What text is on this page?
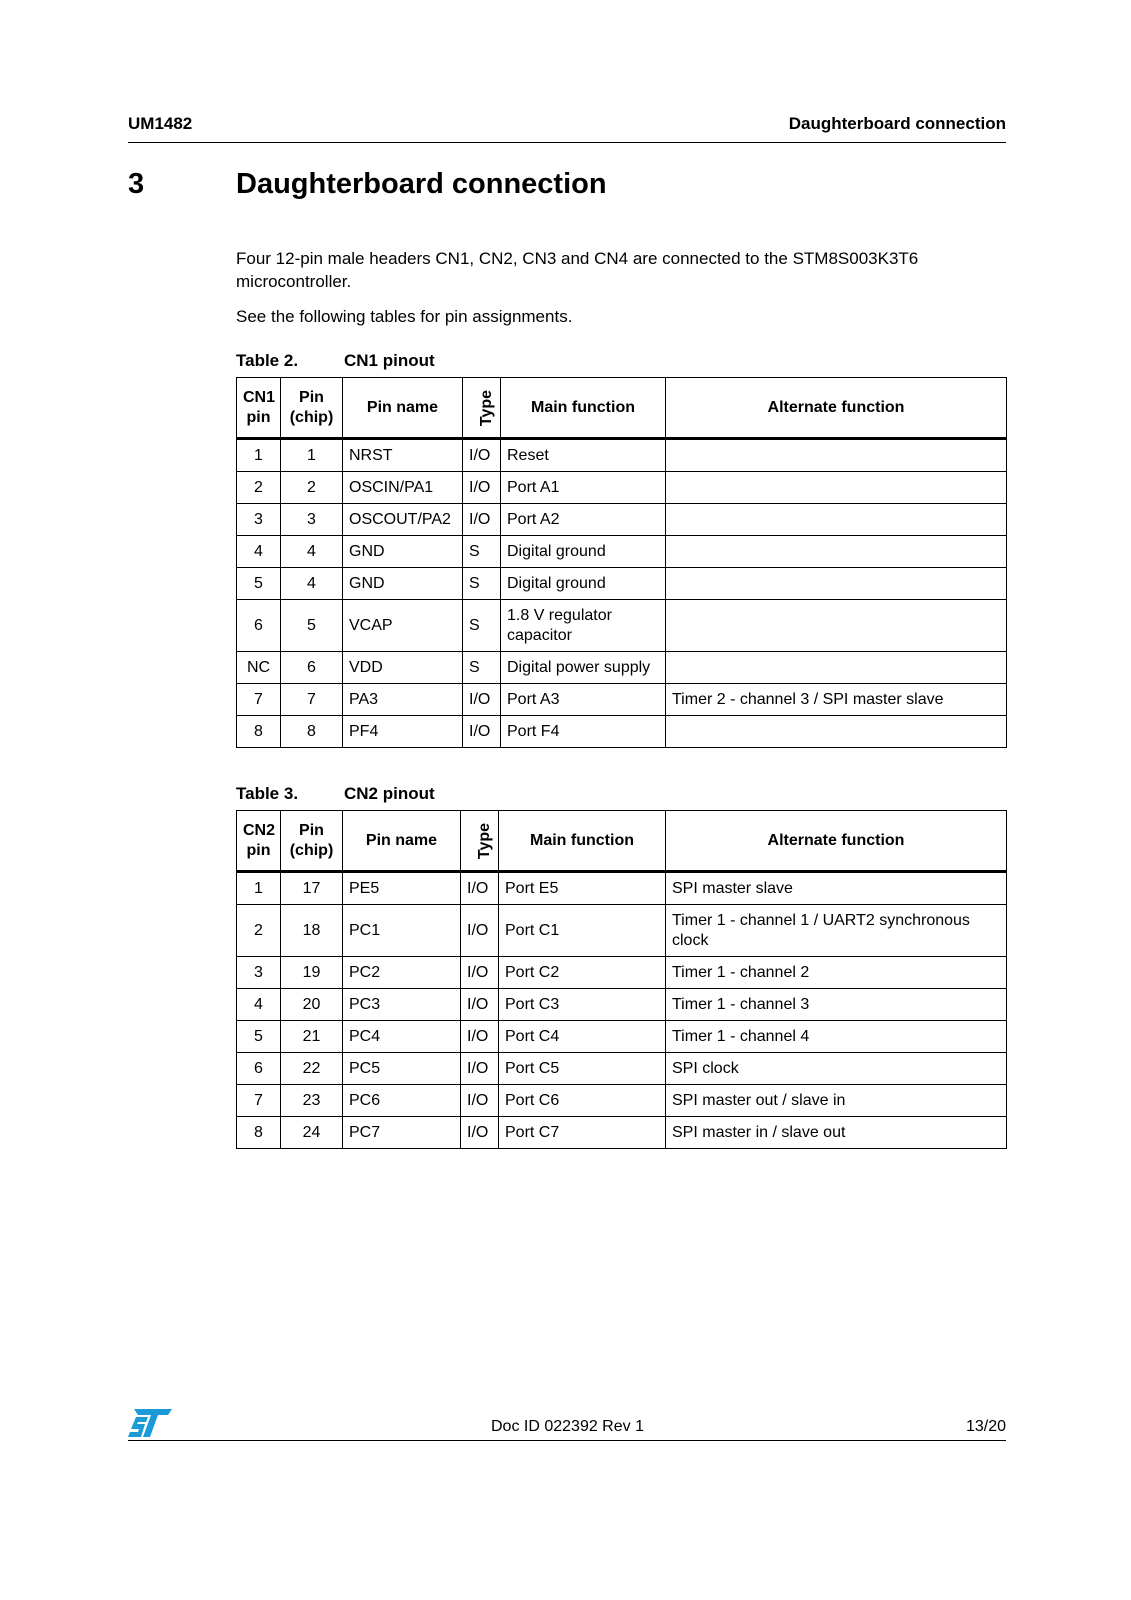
UM1482	Daughterboard connection
3	Daughterboard connection
Four 12-pin male headers CN1, CN2, CN3 and CN4 are connected to the STM8S003K3T6 microcontroller.
See the following tables for pin assignments.
Table 2.	CN1 pinout
CN1 pin	Pin (chip)	Pin name	Type	Main function	Alternate function
1	1	NRST	I/O	Reset	
2	2	OSCIN/PA1	I/O	Port A1	
3	3	OSCOUT/PA2	I/O	Port A2	
4	4	GND	S	Digital ground	
5	4	GND	S	Digital ground	
6	5	VCAP	S	1.8 V regulator capacitor	
NC	6	VDD	S	Digital power supply	
7	7	PA3	I/O	Port A3	Timer 2 - channel 3 / SPI master slave
8	8	PF4	I/O	Port F4	
Table 3.	CN2 pinout
CN2 pin	Pin (chip)	Pin name	Type	Main function	Alternate function
1	17	PE5	I/O	Port E5	SPI master slave
2	18	PC1	I/O	Port C1	Timer 1 - channel 1 / UART2 synchronous clock
3	19	PC2	I/O	Port C2	Timer 1 - channel 2
4	20	PC3	I/O	Port C3	Timer 1 - channel 3
5	21	PC4	I/O	Port C4	Timer 1 - channel 4
6	22	PC5	I/O	Port C5	SPI clock
7	23	PC6	I/O	Port C6	SPI master out / slave in
8	24	PC7	I/O	Port C7	SPI master in / slave out
Doc ID 022392 Rev 1	13/20
